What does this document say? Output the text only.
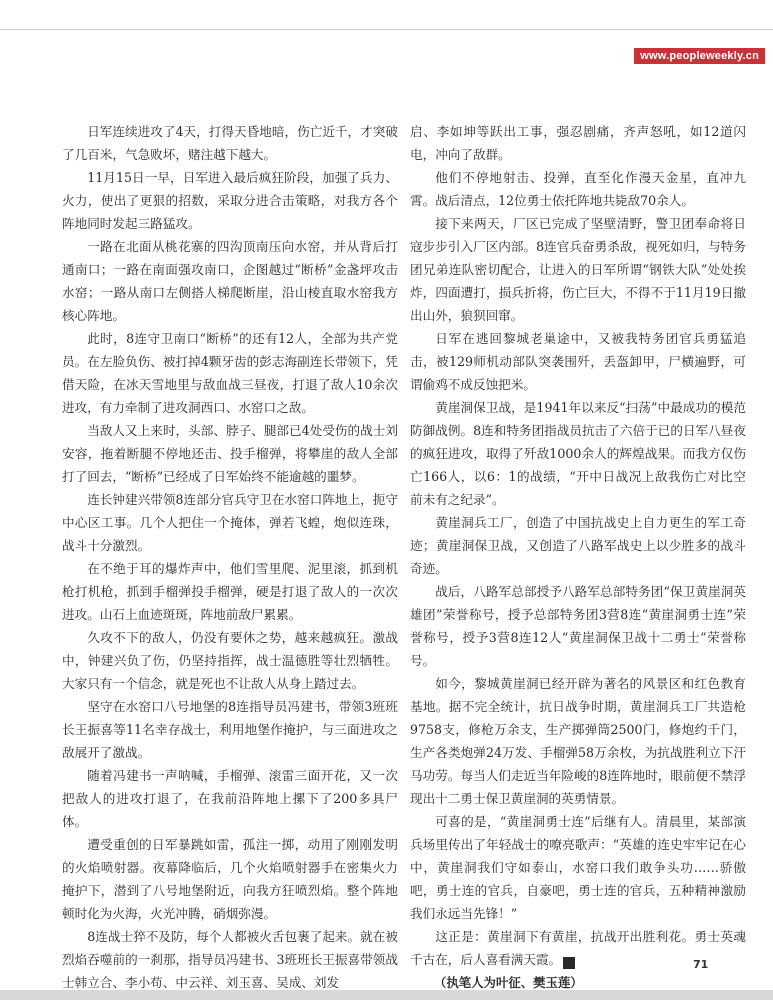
www.peopleweekly.cn

日军连续进攻了4天，打得天昏地暗，伤亡近千，才突破了几百米，气急败坏，赌注越下越大。

11月15日一早，日军进入最后疯狂阶段，加强了兵力、火力，使出了更狠的招数，采取分进合击策略，对我方各个阵地同时发起三路猛攻。

一路在北面从桃花寨的四沟顶南压向水窑，并从背后打通南口；一路在南面强攻南口，企图越过“断桥”金盏坪攻击水窑；一路从南口左侧搭人梯爬断崖，沿山棱直取水窑我方核心阵地。

此时，8连守卫南口“断桥”的还有12人，全部为共产党员。在左脸负伤、被打掉4颗牙齿的彭志海副连长带领下，凭借天险，在冰天雪地里与敌血战三昼夜，打退了敌人10余次进攻，有力牵制了进攻洞西口、水窑口之敌。

当敌人又上来时，头部、脖子、腿部已4处受伤的战士刘安容，拖着断腿不停地还击、投手榴弹，将攀崖的敌人全部打了回去，“断桥”已经成了日军始终不能逾越的噩梦。

连长钟建兴带领8连部分官兵守卫在水窑口阵地上，扼守中心区工事。几个人把住一个掩体，弹若飞蝗，炮似连珠，战斗十分激烈。

在不绝于耳的爆炸声中，他们雪里爬、泥里滚，抓到机枪打机枪，抓到手榴弹投手榴弹，硬是打退了敌人的一次次进攻。山石上血迹斑斑，阵地前敌尸累累。

久攻不下的敌人，仍没有要休之势，越来越疯狂。激战中，钟建兴负了伤，仍坚持指挥，战士温德胜等壮烈牺牲。大家只有一个信念，就是死也不让敌人从身上踏过去。

坚守在水窑口八号地堡的8连指导员冯建书，带领3班班长王振喜等11名幸存战士，利用地堡作掩护，与三面进攻之敌展开了激战。

随着冯建书一声呐喊，手榴弹、滚雷三面开花，又一次把敌人的进攻打退了，在我前沿阵地上摞下了200多具尸体。

遭受重创的日军暴跳如雷，孤注一掷，动用了刚刚发明的火焰喷射器。夜幕降临后，几个火焰喷射器手在密集火力掩护下，潜到了八号地堡附近，向我方狂喷烈焰。整个阵地顿时化为火海，火光冲腾，硝烟弥漫。

8连战士猝不及防，每个人都被火舌包裹了起来。就在被烈焰吞噬前的一刹那，指导员冯建书、3班班长王振喜带领战士韩立合、李小苟、中云祥、刘玉喜、吴成、刘发

启、李如坤等跃出工事，强忍剧痛，齐声怒吼，如12道闪电，冲向了敌群。

他们不停地射击、投弹，直至化作漫天金星，直冲九霄。战后清点，12位勇士依托阵地共毙敌70余人。

接下来两天，厂区已完成了坚壁清野，警卫团奉命将日寇步步引入厂区内部。8连官兵奋勇杀敌，视死如归，与特务团兄弟连队密切配合，让进入的日军所谓“钢铁大队”处处挨炸，四面遭打，损兵折将，伤亡巨大，不得不于11月19日撤出山外，狼狈回窜。

日军在逃回黎城老巢途中，又被我特务团官兵勇猛追击，被129师机动部队突袭围歼，丢盔卸甲，尸横遍野，可谓偷鸡不成反蚀把米。

黄崖洞保卫战，是1941年以来反“扫荡”中最成功的模范防御战例。8连和特务团指战员抗击了六倍于已的日军八昼夜的疯狂进攻，取得了歼敌1000余人的辉煌战果。而我方仅伤亡166人，以6：1的战绩，“开中日战况上敌我伤亡对比空前未有之纪录”。

黄崖洞兵工厂，创造了中国抗战史上自力更生的军工奇迹；黄崖洞保卫战，又创造了八路军战史上以少胜多的战斗奇迹。

战后，八路军总部授予八路军总部特务团“保卫黄崖洞英雄团”荣誉称号，授予总部特务团3营8连“黄崖洞勇士连”荣誉称号，授予3营8连12人“黄崖洞保卫战十二勇士”荣誉称号。

如今，黎城黄崖洞已经开辟为著名的风景区和红色教育基地。据不完全统计，抗日战争时期，黄崖洞兵工厂共造枪9758支，修枪万余支，生产掷弹筒2500门，修炮约千门，生产各类炮弹24万发、手榴弹58万余枚，为抗战胜利立下汗马功劳。每当人们走近当年险峻的8连阵地时，眼前便不禁浮现出十二勇士保卫黄崖洞的英勇情景。

可喜的是，“黄崖洞勇士连”后继有人。清晨里，某部演兵场里传出了年轻战士的嘹亮歌声：“英雄的连史牢牢记在心中，黄崖洞我们守如泰山，水窑口我们敢争头功……骄傲吧，勇士连的官兵，自豪吧，勇士连的官兵，五种精神激励我们永远当先锋！”

这正是：黄崖洞下有黄崖，抗战开出胜利花。勇士英魂千古在，后人喜看满天霞。	K

（执笔人为叶征、樊玉莲）
71
